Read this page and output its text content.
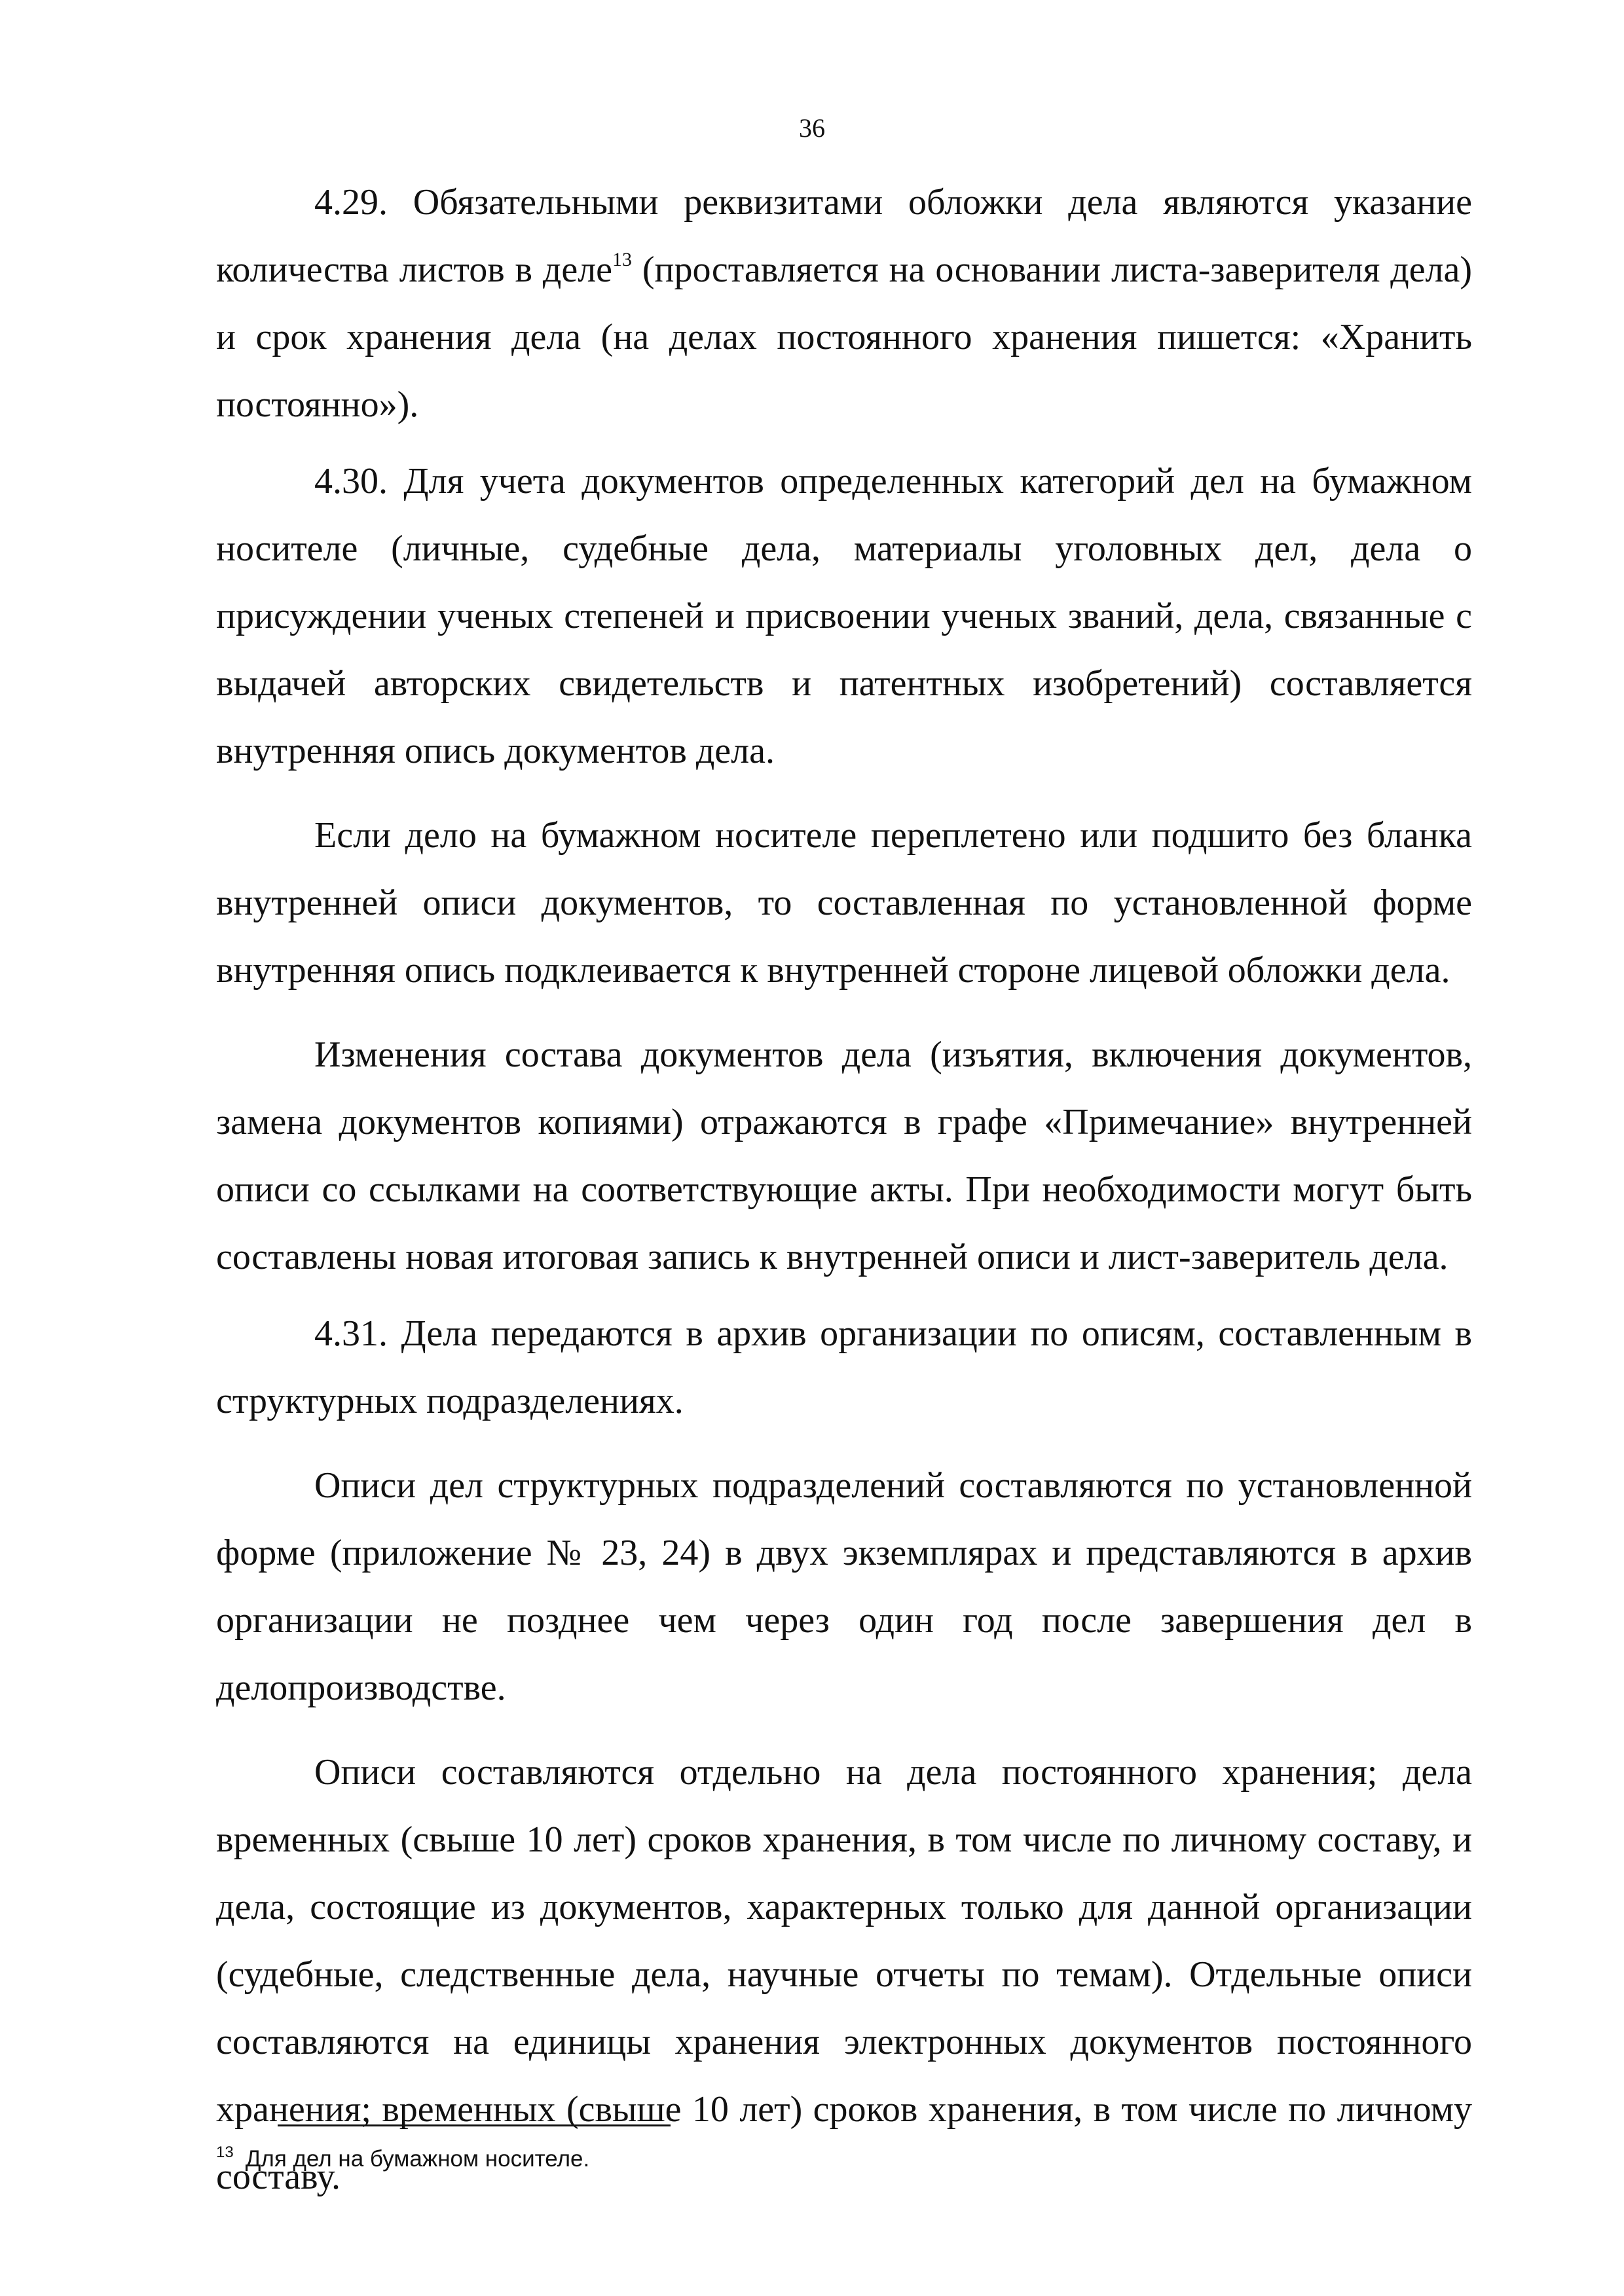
36

4.29. Обязательными реквизитами обложки дела являются указание количества листов в деле$^{13}$ (проставляется на основании листа-заверителя дела) и срок хранения дела (на делах постоянного хранения пишется: «Хранить постоянно»).

4.30. Для учета документов определенных категорий дел на бумажном носителе (личные, судебные дела, материалы уголовных дел, дела о присуждении ученых степеней и присвоении ученых званий, дела, связанные с выдачей авторских свидетельств и патентных изобретений) составляется внутренняя опись документов дела.

Если дело на бумажном носителе переплетено или подшито без бланка внутренней описи документов, то составленная по установленной форме внутренняя опись подклеивается к внутренней стороне лицевой обложки дела.

Изменения состава документов дела (изъятия, включения документов, замена документов копиями) отражаются в графе «Примечание» внутренней описи со ссылками на соответствующие акты. При необходимости могут быть составлены новая итоговая запись к внутренней описи и лист-заверитель дела.

4.31. Дела передаются в архив организации по описям, составленным в структурных подразделениях.

Описи дел структурных подразделений составляются по установленной форме (приложение № 23, 24) в двух экземплярах и представляются в архив организации не позднее чем через один год после завершения дел в делопроизводстве.

Описи составляются отдельно на дела постоянного хранения; дела временных (свыше 10 лет) сроков хранения, в том числе по личному составу, и дела, состоящие из документов, характерных только для данной организации (судебные, следственные дела, научные отчеты по темам). Отдельные описи составляются на единицы хранения электронных документов постоянного хранения; временных (свыше 10 лет) сроков хранения, в том числе по личному составу.

$^{13}$ Для дел на бумажном носителе.
